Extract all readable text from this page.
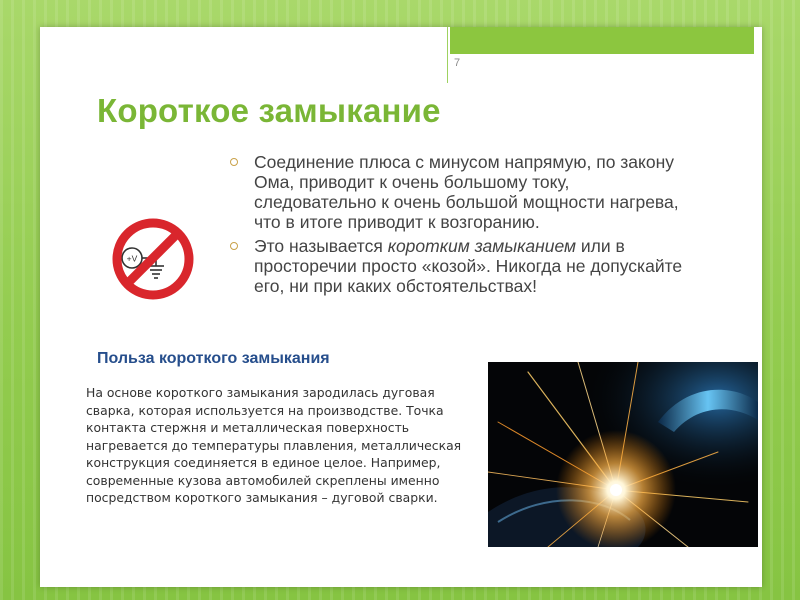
7
Короткое замыкание
Соединение плюса с минусом напрямую, по закону Ома, приводит к очень большому току, следовательно к очень большой мощности нагрева, что в итоге приводит к возгоранию.
Это называется коротким замыканием или в просторечии просто «козой». Никогда не допускайте его, ни при каких обстоятельствах!
+V
Польза короткого замыкания

На основе короткого замыкания зародилась дуговая сварка, которая используется на производстве. Точка контакта стержня и металлическая поверхность нагревается до температуры плавления, металлическая конструкция соединяется в единое целое. Например, современные кузова автомобилей скреплены именно посредством короткого замыкания – дуговой сварки.
